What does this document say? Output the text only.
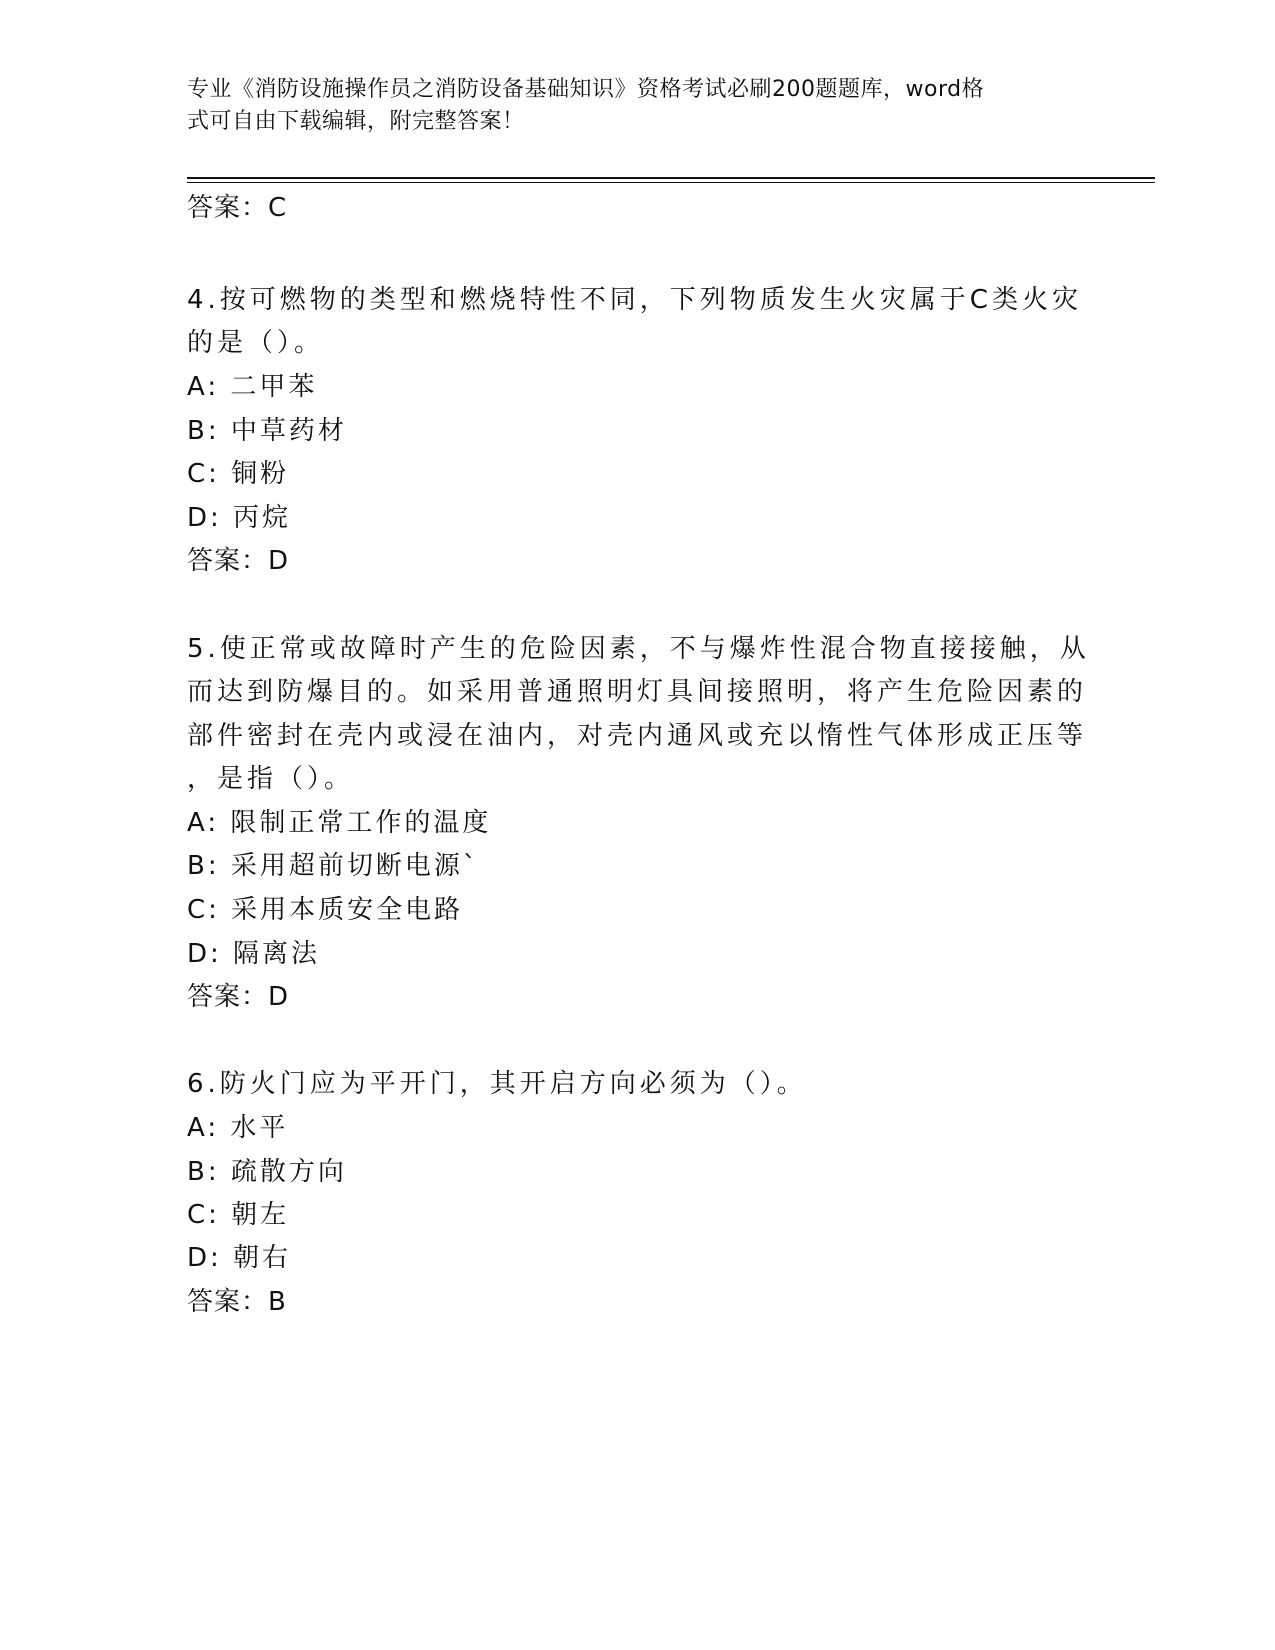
专业《消防设施操作员之消防设备基础知识》资格考试必刷200题题库，word格
式可自由下载编辑，附完整答案！
答案：C
4.按可燃物的类型和燃烧特性不同，下列物质发生火灾属于C类火灾
的是（）。
A: 二甲苯
B: 中草药材
C: 铜粉
D: 丙烷
答案：D
5.使正常或故障时产生的危险因素，不与爆炸性混合物直接接触，从
而达到防爆目的。如采用普通照明灯具间接照明，将产生危险因素的
部件密封在壳内或浸在油内，对壳内通风或充以惰性气体形成正压等
，是指（）。
A: 限制正常工作的温度
B: 采用超前切断电源`
C: 采用本质安全电路
D: 隔离法
答案：D
6.防火门应为平开门，其开启方向必须为（）。
A: 水平
B: 疏散方向
C: 朝左
D: 朝右
答案：B
